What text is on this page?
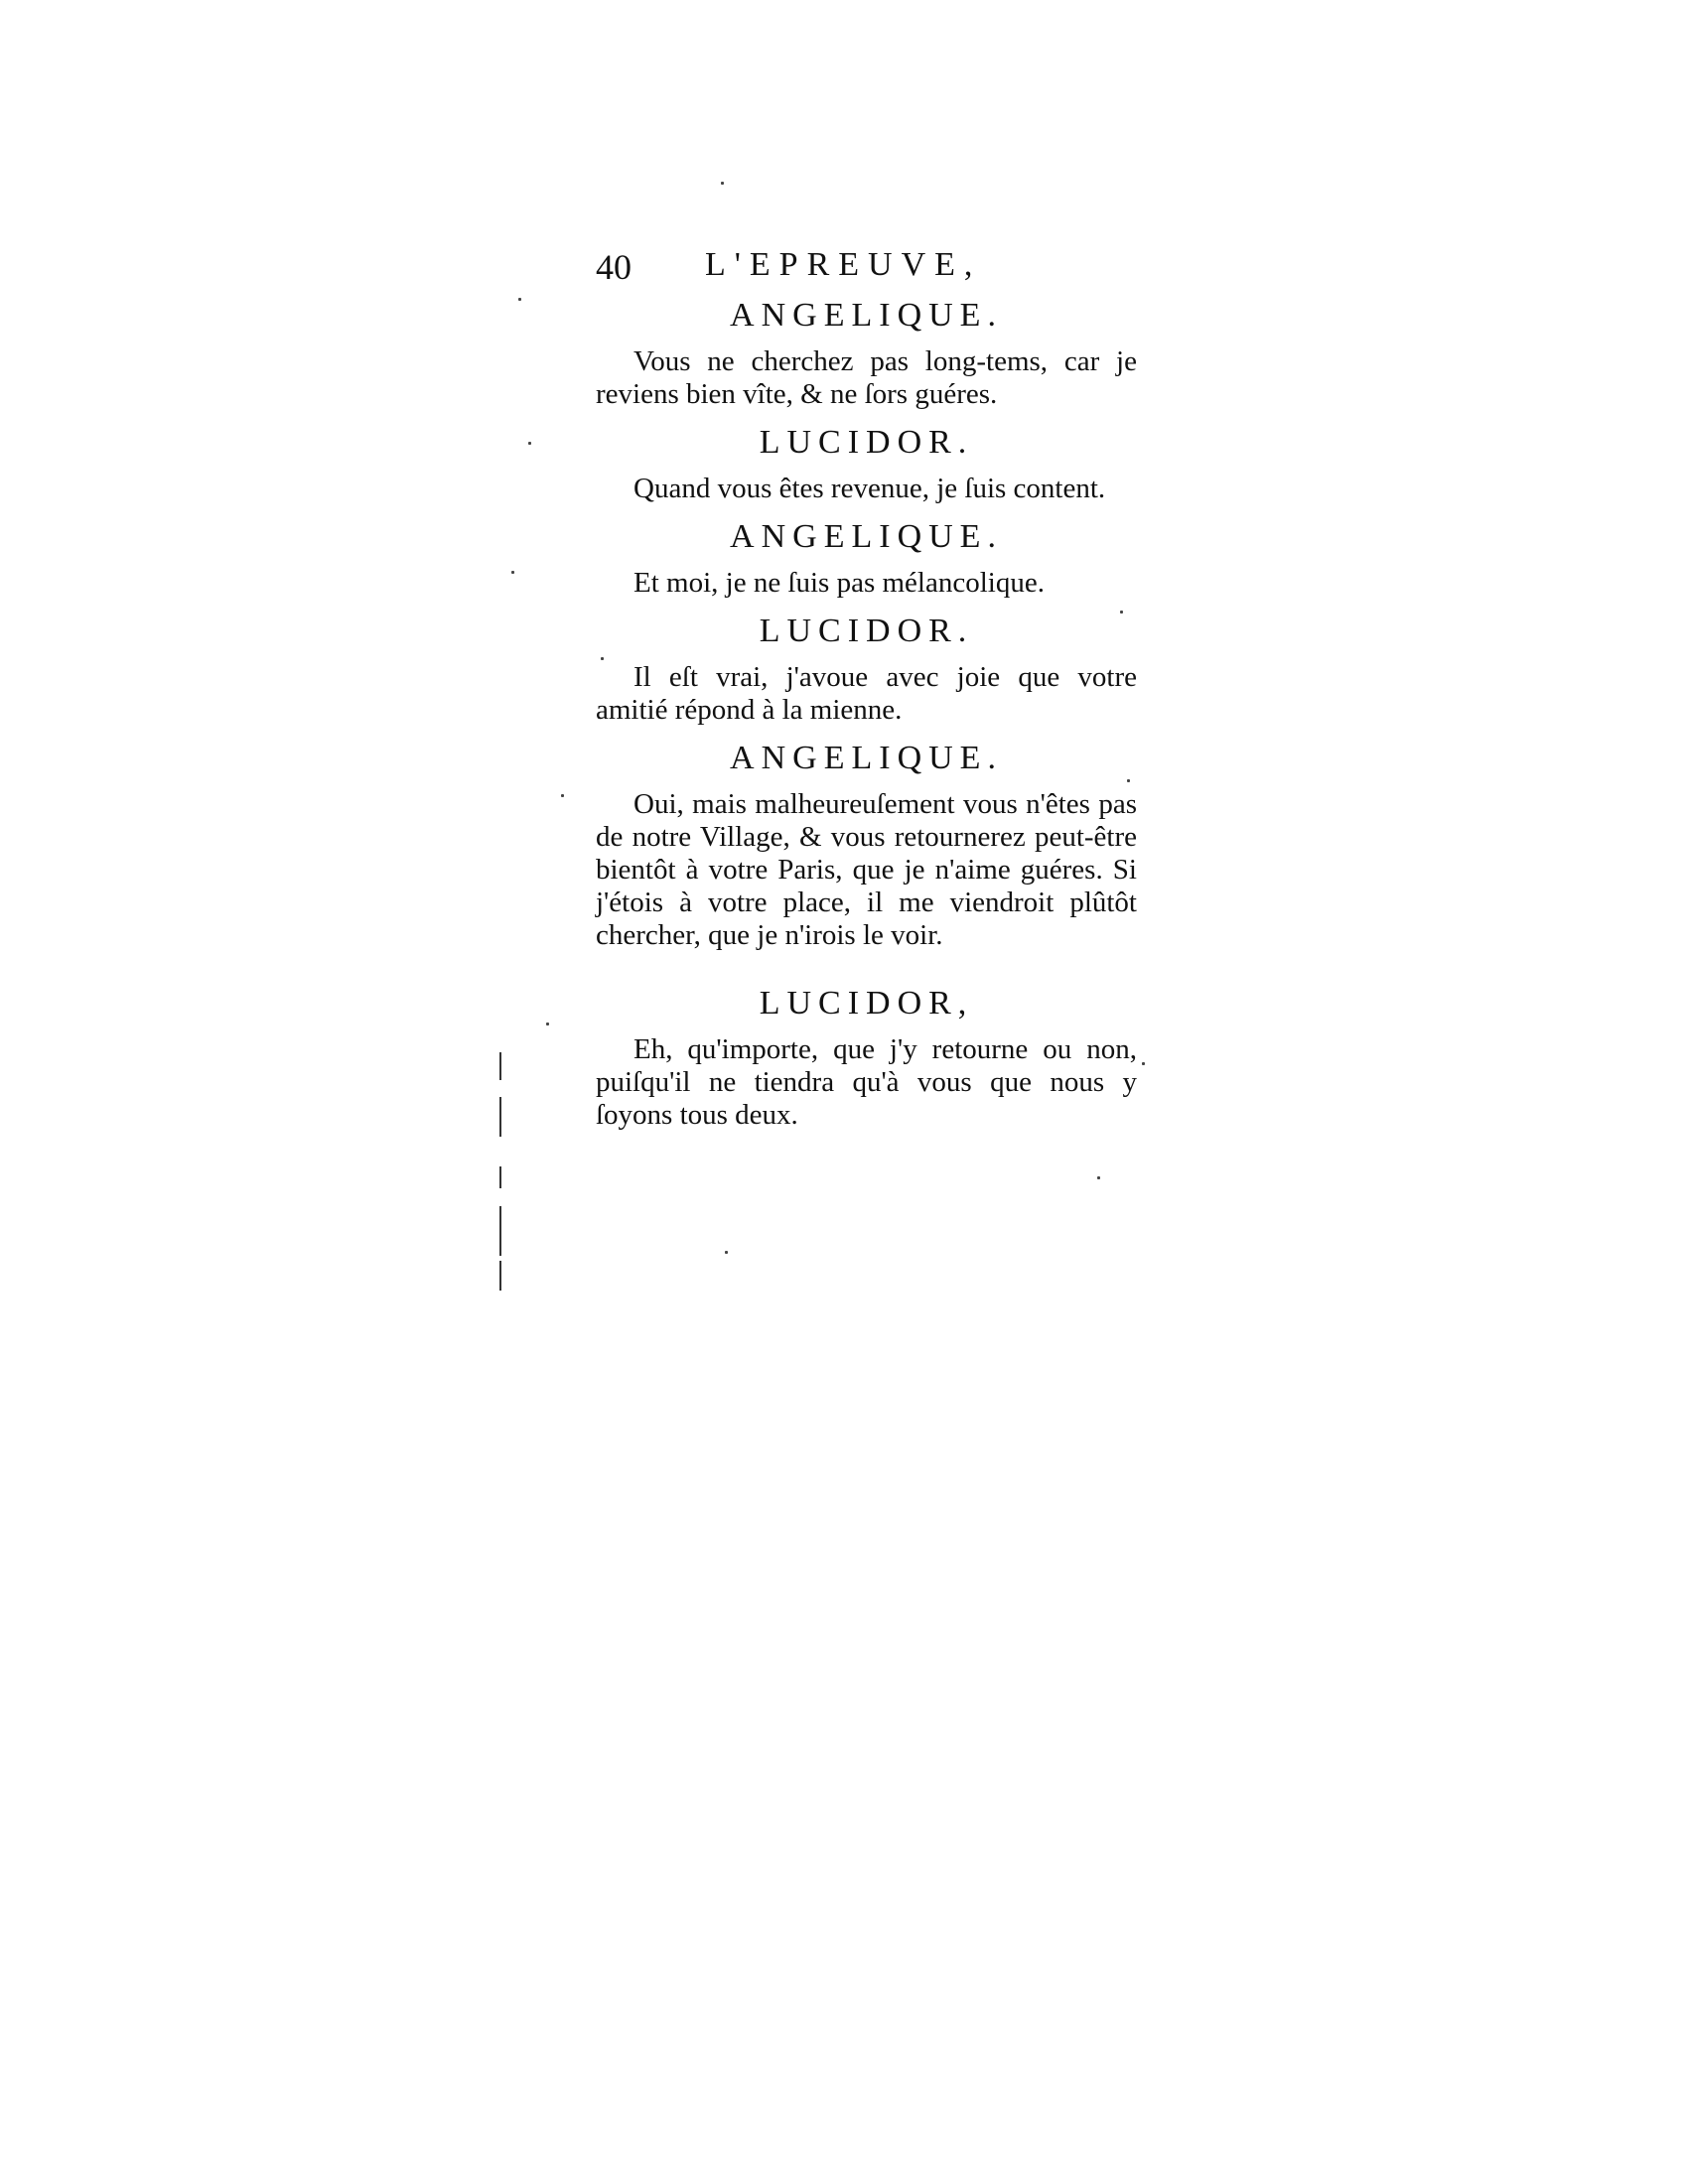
40 L'EPREUVE,

ANGELIQUE.

Vous ne cherchez pas long-tems, car je reviens bien vîte, & ne ſors guéres.

LUCIDOR.

Quand vous êtes revenue, je ſuis content.

ANGELIQUE.

Et moi, je ne ſuis pas mélancolique.

LUCIDOR.

Il eſt vrai, j'avoue avec joie que votre amitié répond à la mienne.

ANGELIQUE.

Oui, mais malheureuſement vous n'êtes pas de notre Village, & vous retournerez peut-être bientôt à votre Paris, que je n'aime guéres. Si j'étois à votre place, il me viendroit plûtôt chercher, que je n'irois le voir.

LUCIDOR,

Eh, qu'importe, que j'y retourne ou non, puiſqu'il ne tiendra qu'à vous que nous y ſoyons tous deux.
